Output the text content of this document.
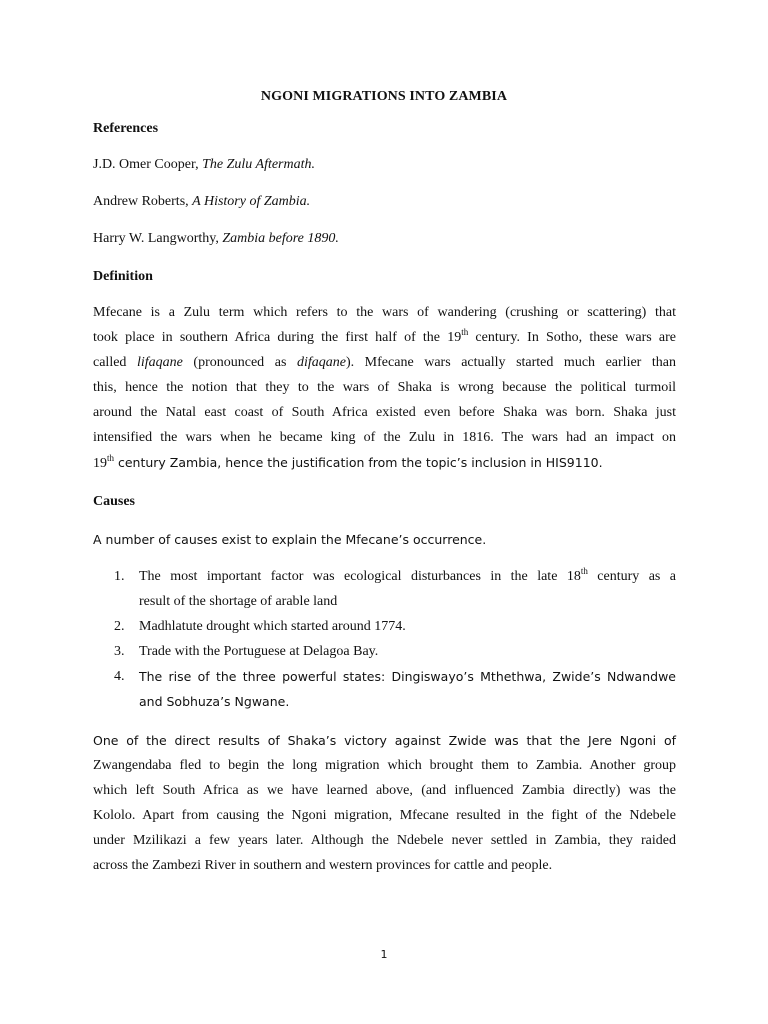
NGONI MIGRATIONS INTO ZAMBIA
References
J.D. Omer Cooper, The Zulu Aftermath.
Andrew Roberts, A History of Zambia.
Harry W. Langworthy, Zambia before 1890.
Definition
Mfecane is a Zulu term which refers to the wars of wandering (crushing or scattering) that
took place in southern Africa during the first half of the 19th century. In Sotho, these wars are
called lifaqane (pronounced as difaqane). Mfecane wars actually started much earlier than
this, hence the notion that they to the wars of Shaka is wrong because the political turmoil
around the Natal east coast of South Africa existed even before Shaka was born. Shaka just
intensified the wars when he became king of the Zulu in 1816. The wars had an impact on
19th century Zambia, hence the justification from the topic’s inclusion in HIS9110.
Causes
A number of causes exist to explain the Mfecane’s occurrence.
1. The most important factor was ecological disturbances in the late 18th century as a
result of the shortage of arable land
2. Madhlatute drought which started around 1774.
3. Trade with the Portuguese at Delagoa Bay.
4. The rise of the three powerful states: Dingiswayo’s Mthethwa, Zwide’s Ndwandwe
and Sobhuza’s Ngwane.
One of the direct results of Shaka’s victory against Zwide was that the Jere Ngoni of
Zwangendaba fled to begin the long migration which brought them to Zambia. Another group
which left South Africa as we have learned above, (and influenced Zambia directly) was the
Kololo. Apart from causing the Ngoni migration, Mfecane resulted in the fight of the Ndebele
under Mzilikazi a few years later. Although the Ndebele never settled in Zambia, they raided
across the Zambezi River in southern and western provinces for cattle and people.
1
